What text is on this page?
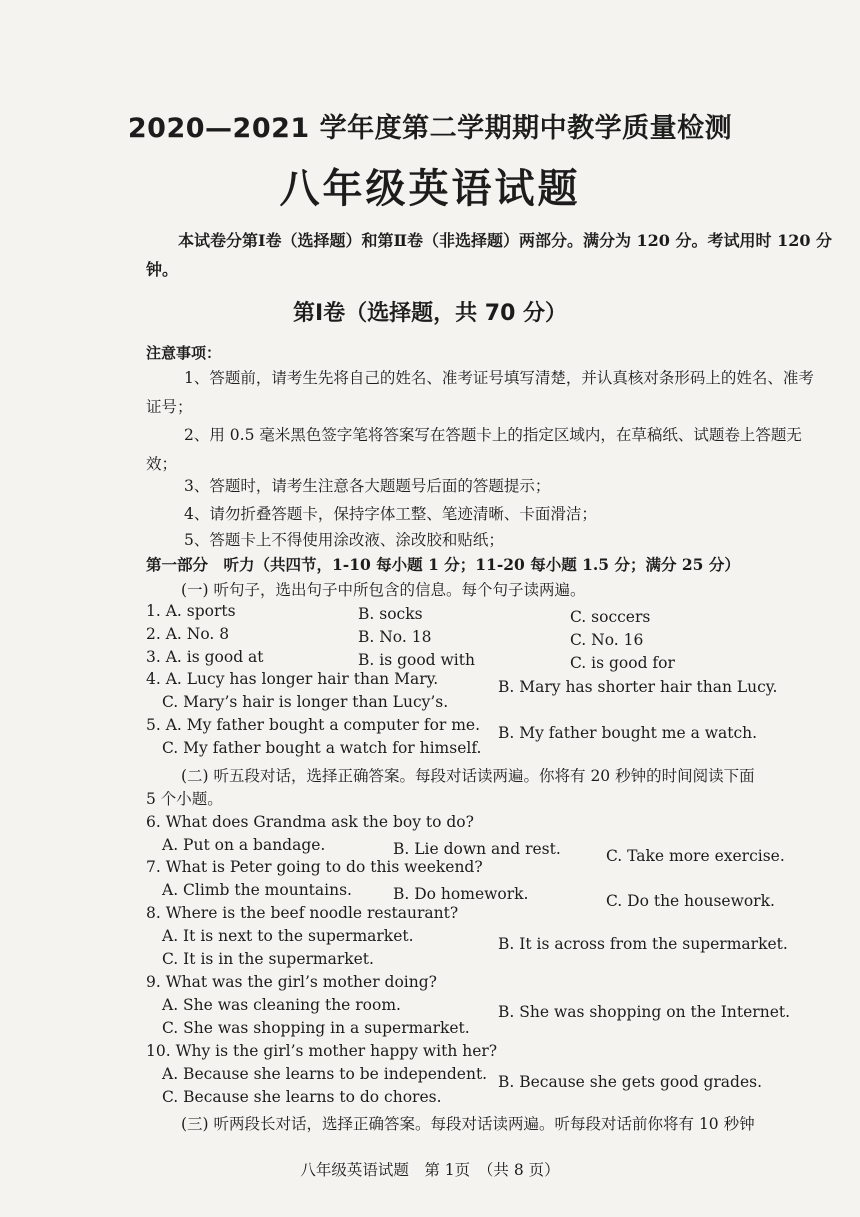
2020—2021 学年度第二学期期中教学质量检测
八年级英语试题
本试卷分第Ⅰ卷（选择题）和第Ⅱ卷（非选择题）两部分。满分为 120 分。考试用时 120 分钟。
第Ⅰ卷（选择题，共 70 分）
注意事项：
1、答题前，请考生先将自己的姓名、准考证号填写清楚，并认真核对条形码上的姓名、准考证号；
2、用 0.5 毫米黑色签字笔将答案写在答题卡上的指定区域内，在草稿纸、试题卷上答题无效；
3、答题时，请考生注意各大题题号后面的答题提示；
4、请勿折叠答题卡，保持字体工整、笔迹清晰、卡面滑洁；
5、答题卡上不得使用涂改液、涂改胶和贴纸；
第一部分　听力（共四节，1-10 每小题 1 分；11-20 每小题 1.5 分；满分 25 分）
(一) 听句子，选出句子中所包含的信息。每个句子读两遍。
1. A. sports	B. socks	C. soccers
2. A. No. 8	B. No. 18	C. No. 16
3. A. is good at	B. is good with	C. is good for
4. A. Lucy has longer hair than Mary.	B. Mary has shorter hair than Lucy.
C. Mary’s hair is longer than Lucy’s.
5. A. My father bought a computer for me. B. My father bought me a watch.
C. My father bought a watch for himself.
(二) 听五段对话，选择正确答案。每段对话读两遍。你将有 20 秒钟的时间阅读下面
5 个小题。
6. What does Grandma ask the boy to do?
A. Put on a bandage.	B. Lie down and rest.	C. Take more exercise.
7. What is Peter going to do this weekend?
A. Climb the mountains.	B. Do homework.	C. Do the housework.
8. Where is the beef noodle restaurant?
A. It is next to the supermarket.	B. It is across from the supermarket.
C. It is in the supermarket.
9. What was the girl’s mother doing?
A. She was cleaning the room.	B. She was shopping on the Internet.
C. She was shopping in a supermarket.
10. Why is the girl’s mother happy with her?
A. Because she learns to be independent. B. Because she gets good grades.
C. Because she learns to do chores.
(三) 听两段长对话，选择正确答案。每段对话读两遍。听每段对话前你将有 10 秒钟
八年级英语试题　第 1页　（共 8 页）
